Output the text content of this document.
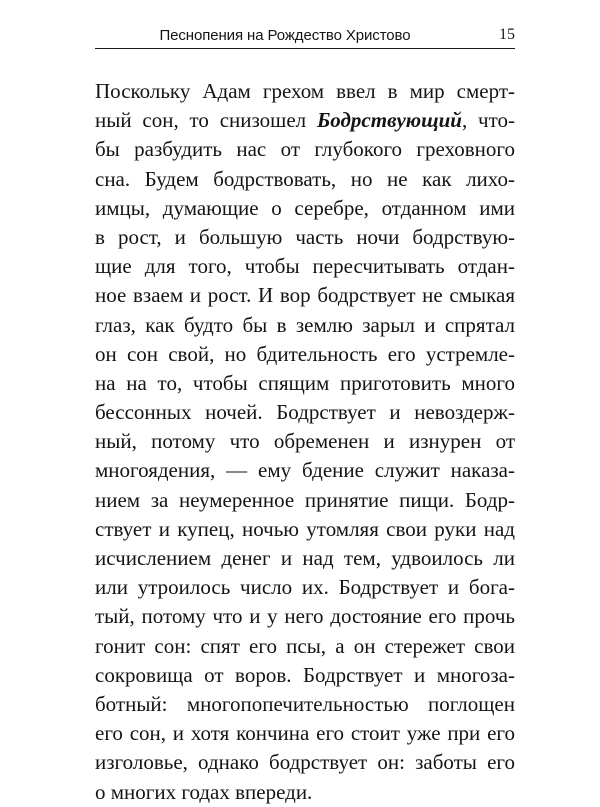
Песнопения на Рождество Христово	15
Поскольку Адам грехом ввел в мир смерт-
ный сон, то снизошел Бодрствующий, что-
бы разбудить нас от глубокого греховного
сна. Будем бодрствовать, но не как лихо-
имцы, думающие о серебре, отданном ими
в рост, и большую часть ночи бодрствую-
щие для того, чтобы пересчитывать отдан-
ное взаем и рост. И вор бодрствует не смыкая
глаз, как будто бы в землю зарыл и спрятал
он сон свой, но бдительность его устремле-
на на то, чтобы спящим приготовить много
бессонных ночей. Бодрствует и невоздерж-
ный, потому что обременен и изнурен от
многоядения, — ему бдение служит наказа-
нием за неумеренное принятие пищи. Бодр-
ствует и купец, ночью утомляя свои руки над
исчислением денег и над тем, удвоилось ли
или утроилось число их. Бодрствует и бога-
тый, потому что и у него достояние его прочь
гонит сон: спят его псы, а он стережет свои
сокровища от воров. Бодрствует и многоза-
ботный: многопопечительностью поглощен
его сон, и хотя кончина его стоит уже при его
изголовье, однако бодрствует он: заботы его
о многих годах впереди.
